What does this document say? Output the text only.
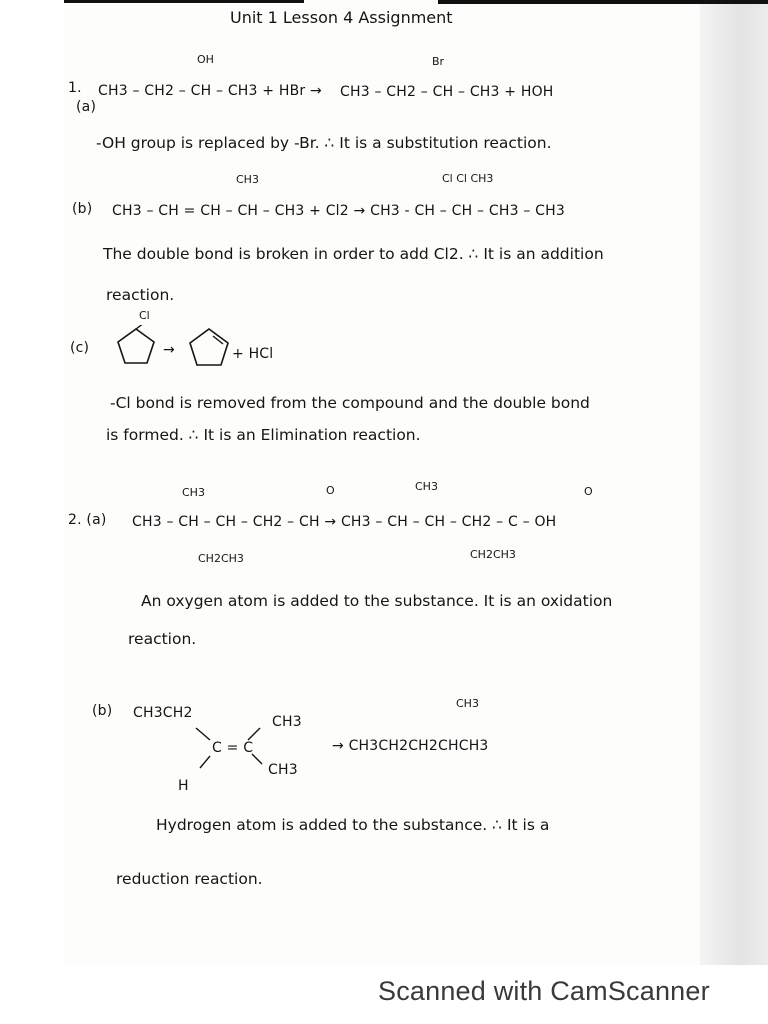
Unit 1 Lesson 4 Assignment
OH	Br
1. CH3 – CH2 – CH – CH3 + HBr → CH3 – CH2 – CH – CH3 + HOH
(a)
-OH group is replaced by -Br. ∴ It is a substitution reaction.
CH3	Cl Cl CH3
(b) CH3 – CH = CH – CH – CH3 + Cl2 → CH3 - CH – CH – CH3 – CH3
The double bond is broken in order to add Cl2. ∴ It is an addition
reaction.
(c)
Cl
→	+ HCl
-Cl bond is removed from the compound and the double bond
is formed. ∴ It is an Elimination reaction.
CH3	O	CH3	O
2. (a) CH3 – CH – CH – CH2 – CH → CH3 – CH – CH – CH2 – C – OH
CH2CH3	CH2CH3
An oxygen atom is added to the substance. It is an oxidation
reaction.
(b) CH3CH2
CH3
C = C
CH3
H
CH3
→ CH3CH2CH2CHCH3
Hydrogen atom is added to the substance. ∴ It is a
reduction reaction.
Scanned with CamScanner
